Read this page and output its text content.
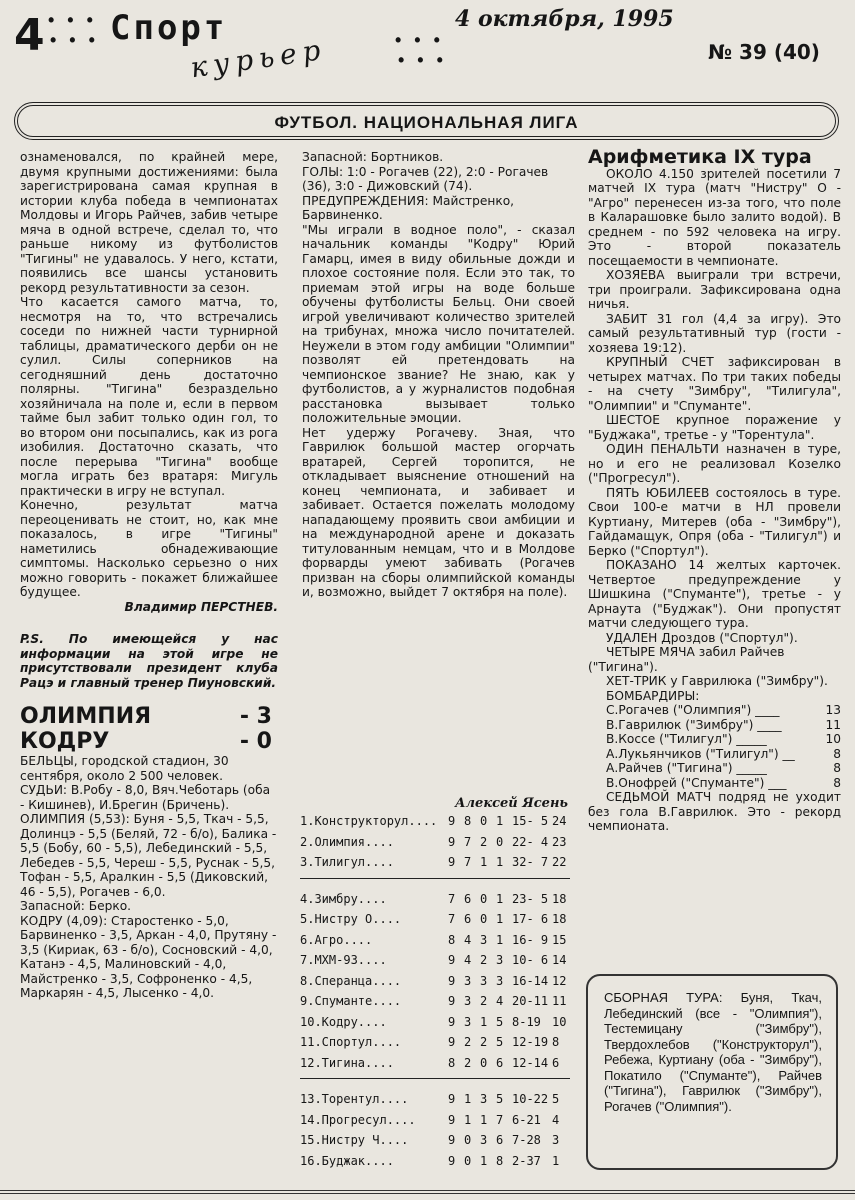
4 • • •
• • • Спорт
курьер	• • •
• • •
4 октября, 1995
№ 39 (40)
ФУТБОЛ. НАЦИОНАЛЬНАЯ ЛИГА

ознаменовался, по крайней мере, двумя крупными достижениями: была зарегистрирована самая крупная в истории клуба победа в чемпионатах Молдовы и Игорь Райчев, забив четыре мяча в одной встрече, сделал то, что раньше никому из футболистов "Тигины" не удавалось. У него, кстати, появились все шансы установить рекорд результативности за сезон.

Что касается самого матча, то, несмотря на то, что встречались соседи по нижней части турнирной таблицы, драматического дерби он не сулил. Силы соперников на сегодняшний день достаточно полярны. "Тигина" безраздельно хозяйничала на поле и, если в первом тайме был забит только один гол, то во втором они посыпались, как из рога изобилия. Достаточно сказать, что после перерыва "Тигина" вообще могла играть без вратаря: Мигуль практически в игру не вступал.

Конечно, результат матча переоценивать не стоит, но, как мне показалось, в игре "Тигины" наметились обнадеживающие симптомы. Насколько серьезно о них можно говорить - покажет ближайшее будущее.

Владимир ПЕРСТНЕВ.

P.S. По имеющейся у нас информации на этой игре не присутствовали президент клуба Рацэ и главный тренер Пиуновский.

ОЛИМПИЯ	- 3
КОДРУ	- 0

БЕЛЬЦЫ, городской стадион, 30 сентября, около 2 500 человек.

СУДЬИ: В.Робу - 8,0, Вяч.Чеботарь (оба - Кишинев), И.Брегин (Бричень).

ОЛИМПИЯ (5,53): Буня - 5,5, Ткач - 5,5, Долинцэ - 5,5 (Беляй, 72 - б/о), Балика - 5,5 (Бобу, 60 - 5,5), Лебединский - 5,5, Лебедев - 5,5, Череш - 5,5, Руснак - 5,5, Тофан - 5,5, Аралкин - 5,5 (Диковский, 46 - 5,5), Рогачев - 6,0.

Запасной: Берко.

КОДРУ (4,09): Старостенко - 5,0, Барвиненко - 3,5, Аркан - 4,0, Прутяну - 3,5 (Кириак, 63 - б/о), Сосновский - 4,0, Катанэ - 4,5, Малиновский - 4,0, Майстренко - 3,5, Софроненко - 4,5, Маркарян - 4,5, Лысенко - 4,0.

Запасной: Бортников.

ГОЛЫ: 1:0 - Рогачев (22), 2:0 - Рогачев (36), 3:0 - Дижовский (74).

ПРЕДУПРЕЖДЕНИЯ: Майстренко, Барвиненко.

"Мы играли в водное поло", - сказал начальник команды "Кодру" Юрий Гамарц, имея в виду обильные дожди и плохое состояние поля. Если это так, то приемам этой игры на воде больше обучены футболисты Бельц. Они своей игрой увеличивают количество зрителей на трибунах, множа число почитателей. Неужели в этом году амбиции "Олимпии" позволят ей претендовать на чемпионское звание? Не знаю, как у футболистов, а у журналистов подобная расстановка вызывает только положительные эмоции.

Нет удержу Рогачеву. Зная, что Гаврилюк большой мастер огорчать вратарей, Сергей торопится, не откладывает выяснение отношений на конец чемпионата, и забивает и забивает. Остается пожелать молодому нападающему проявить свои амбиции и на международной арене и доказать титулованным немцам, что и в Молдове форварды умеют забивать (Рогачев призван на сборы олимпийской команды и, возможно, выйдет 7 октября на поле).

Алексей Ясень
1.Конструкторул.... 9 8 0 1 15- 5 24
2.Олимпия....	9 7 2 0 22- 4 23
3.Тилигул....	9 7 1 1 32- 7 22
4.Зимбру....	7 6 0 1 23- 5 18
5.Нистру О....	7 6 0 1 17- 6 18
6.Агро....	8 4 3 1 16- 9 15
7.МХМ-93....	9 4 2 3 10- 6 14
8.Сперанца....	9 3 3 3 16-14 12
9.Спуманте....	9 3 2 4 20-11 11
10.Кодру....	9 3 1 5 8-19 10
11.Спортул....	9 2 2 5 12-19 8
12.Тигина....	8 2 0 6 12-14 6
13.Торентул....	9 1 3 5 10-22 5
14.Прогресул....	9 1 1 7 6-21 4
15.Нистру Ч....	9 0 3 6 7-28 3
16.Буджак....	9 0 1 8 2-37 1
Арифметика IX тура

ОКОЛО 4.150 зрителей посетили 7 матчей IX тура (матч "Нистру" О - "Агро" перенесен из-за того, что поле в Каларашовке было залито водой). В среднем - по 592 человека на игру. Это - второй показатель посещаемости в чемпионате.

ХОЗЯЕВА выиграли три встречи, три проиграли. Зафиксирована одна ничья.

ЗАБИТ 31 гол (4,4 за игру). Это самый результативный тур (гости - хозяева 19:12).

КРУПНЫЙ СЧЕТ зафиксирован в четырех матчах. По три таких победы - на счету "Зимбру", "Тилигула", "Олимпии" и "Спуманте".

ШЕСТОЕ крупное поражение у "Буджака", третье - у "Торентула".

ОДИН ПЕНАЛЬТИ назначен в туре, но и его не реализовал Козелко ("Прогресул").

ПЯТЬ ЮБИЛЕЕВ состоялось в туре. Свои 100-е матчи в НЛ провели Куртиану, Митерев (оба - "Зимбру"), Гайдамащук, Опря (оба - "Тилигул") и Берко ("Спортул").

ПОКАЗАНО 14 желтых карточек. Четвертое предупреждение у Шишкина ("Спуманте"), третье - у Арнаута ("Буджак"). Они пропустят матчи следующего тура.

УДАЛЕН Дроздов ("Спортул").

ЧЕТЫРЕ МЯЧА забил Райчев ("Тигина").

ХЕТ-ТРИК у Гаврилюка ("Зимбру").

БОМБАРДИРЫ:

С.Рогачев ("Олимпия") ____	13
В.Гаврилюк ("Зимбру") ____	11
В.Коссе ("Тилигул") _____	10
А.Лукьянчиков ("Тилигул") __	8
А.Райчев ("Тигина") _____	8
В.Онофрей ("Спуманте") ___	8

СЕДЬМОЙ МАТЧ подряд не уходит без гола В.Гаврилюк. Это - рекорд чемпионата.

СБОРНАЯ ТУРА: Буня, Ткач, Лебединский (все - "Олимпия"), Тестемицану ("Зимбру"), Твердохлебов ("Конструкторул"), Ребежа, Куртиану (оба - "Зимбру"), Покатило ("Спуманте"), Райчев ("Тигина"), Гаврилюк ("Зимбру"), Рогачев ("Олимпия").
